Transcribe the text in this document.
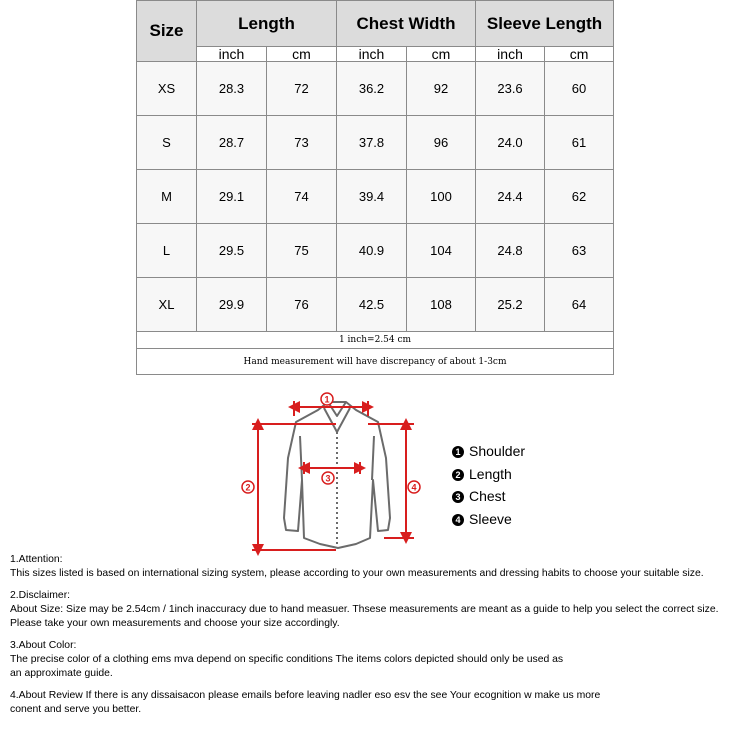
Size	Length		Chest Width		Sleeve Length	
	inch	cm	inch	cm	inch	cm
XS	28.3	72	36.2	92	23.6	60
S	28.7	73	37.8	96	24.0	61
M	29.1	74	39.4	100	24.4	62
L	29.5	75	40.9	104	24.8	63
XL	29.9	76	42.5	108	25.2	64
1 inch=2.54 cm						
Hand measurement will have discrepancy of about 1-3cm						
1
2
3
4
1 Shoulder
2 Length
3 Chest
4 Sleeve

1.Attention:

This sizes listed is based on international sizing system, please according to your own measurements and dressing habits to choose your suitable size.

2.Disclaimer:

About Size: Size may be 2.54cm / 1inch inaccuracy due to hand measuer. Thsese measurements are meant as a guide to help you select the correct size.

Please take your own measurements and choose your size accordingly.

3.About Color:

The precise color of a clothing ems mva depend on specific conditions The items colors depicted should only be used as

an approximate guide.

4.About Review If there is any dissaisacon please emails before leaving nadler eso esv the see Your ecognition w make us more

conent and serve you better.
